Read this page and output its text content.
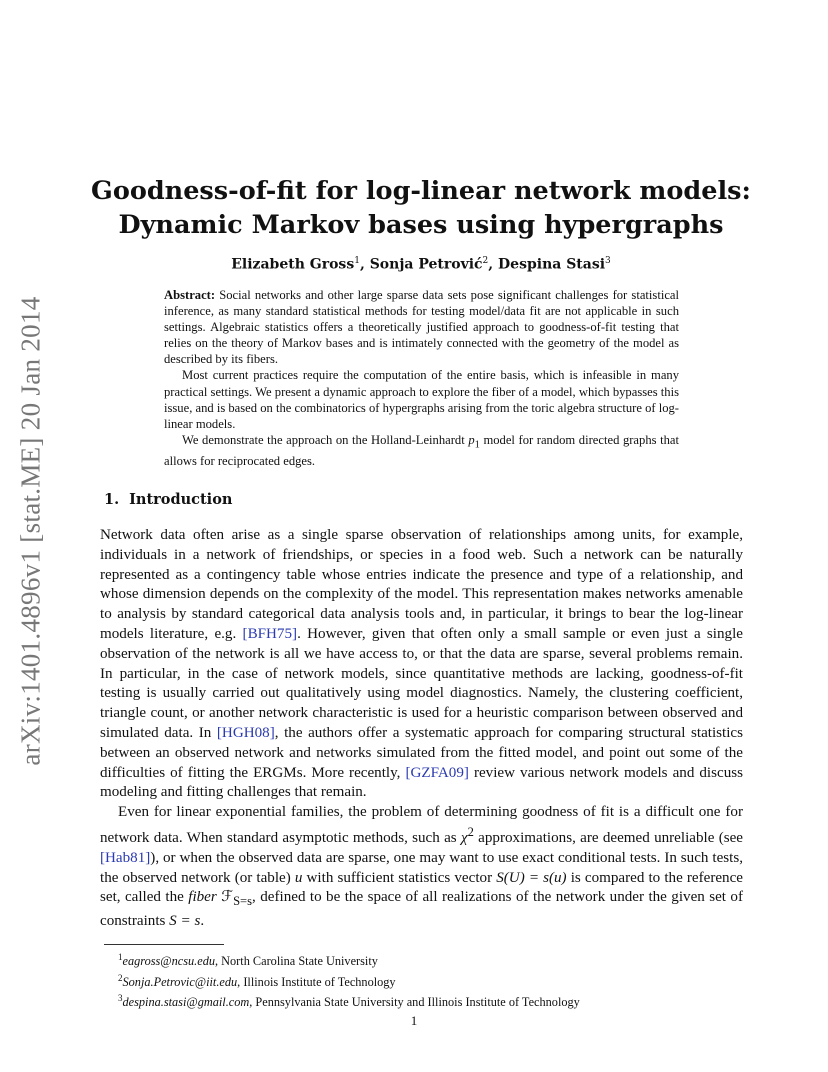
arXiv:1401.4896v1 [stat.ME] 20 Jan 2014
Goodness-of-fit for log-linear network models:
Dynamic Markov bases using hypergraphs
Elizabeth Gross$^1$, Sonja Petrović$^2$, Despina Stasi$^3$

Abstract: Social networks and other large sparse data sets pose significant challenges for statistical inference, as many standard statistical methods for testing model/data fit are not applicable in such settings. Algebraic statistics offers a theoretically justified approach to goodness-of-fit testing that relies on the theory of Markov bases and is intimately connected with the geometry of the model as described by its fibers.

Most current practices require the computation of the entire basis, which is infeasible in many practical settings. We present a dynamic approach to explore the fiber of a model, which bypasses this issue, and is based on the combinatorics of hypergraphs arising from the toric algebra structure of log-linear models.

We demonstrate the approach on the Holland-Leinhardt $p_1$ model for random directed graphs that allows for reciprocated edges.

1. Introduction

Network data often arise as a single sparse observation of relationships among units, for example, individuals in a network of friendships, or species in a food web. Such a network can be naturally represented as a contingency table whose entries indicate the presence and type of a relationship, and whose dimension depends on the complexity of the model. This representation makes networks amenable to analysis by standard categorical data analysis tools and, in particular, it brings to bear the log-linear models literature, e.g. [BFH75]. However, given that often only a small sample or even just a single observation of the network is all we have access to, or that the data are sparse, several problems remain. In particular, in the case of network models, since quantitative methods are lacking, goodness-of-fit testing is usually carried out qualitatively using model diagnostics. Namely, the clustering coefficient, triangle count, or another network characteristic is used for a heuristic comparison between observed and simulated data. In [HGH08], the authors offer a systematic approach for comparing structural statistics between an observed network and networks simulated from the fitted model, and point out some of the difficulties of fitting the ERGMs. More recently, [GZFA09] review various network models and discuss modeling and fitting challenges that remain.

Even for linear exponential families, the problem of determining goodness of fit is a difficult one for network data. When standard asymptotic methods, such as $\chi^2$ approximations, are deemed unreliable (see [Hab81]), or when the observed data are sparse, one may want to use exact conditional tests. In such tests, the observed network (or table) u with sufficient statistics vector S(U) = s(u) is compared to the reference set, called the fiber ℱ$_{S=s}$, defined to be the space of all realizations of the network under the given set of constraints S = s.

$^1$eagross@ncsu.edu, North Carolina State University
$^2$Sonja.Petrovic@iit.edu, Illinois Institute of Technology
$^3$despina.stasi@gmail.com, Pennsylvania State University and Illinois Institute of Technology
1
